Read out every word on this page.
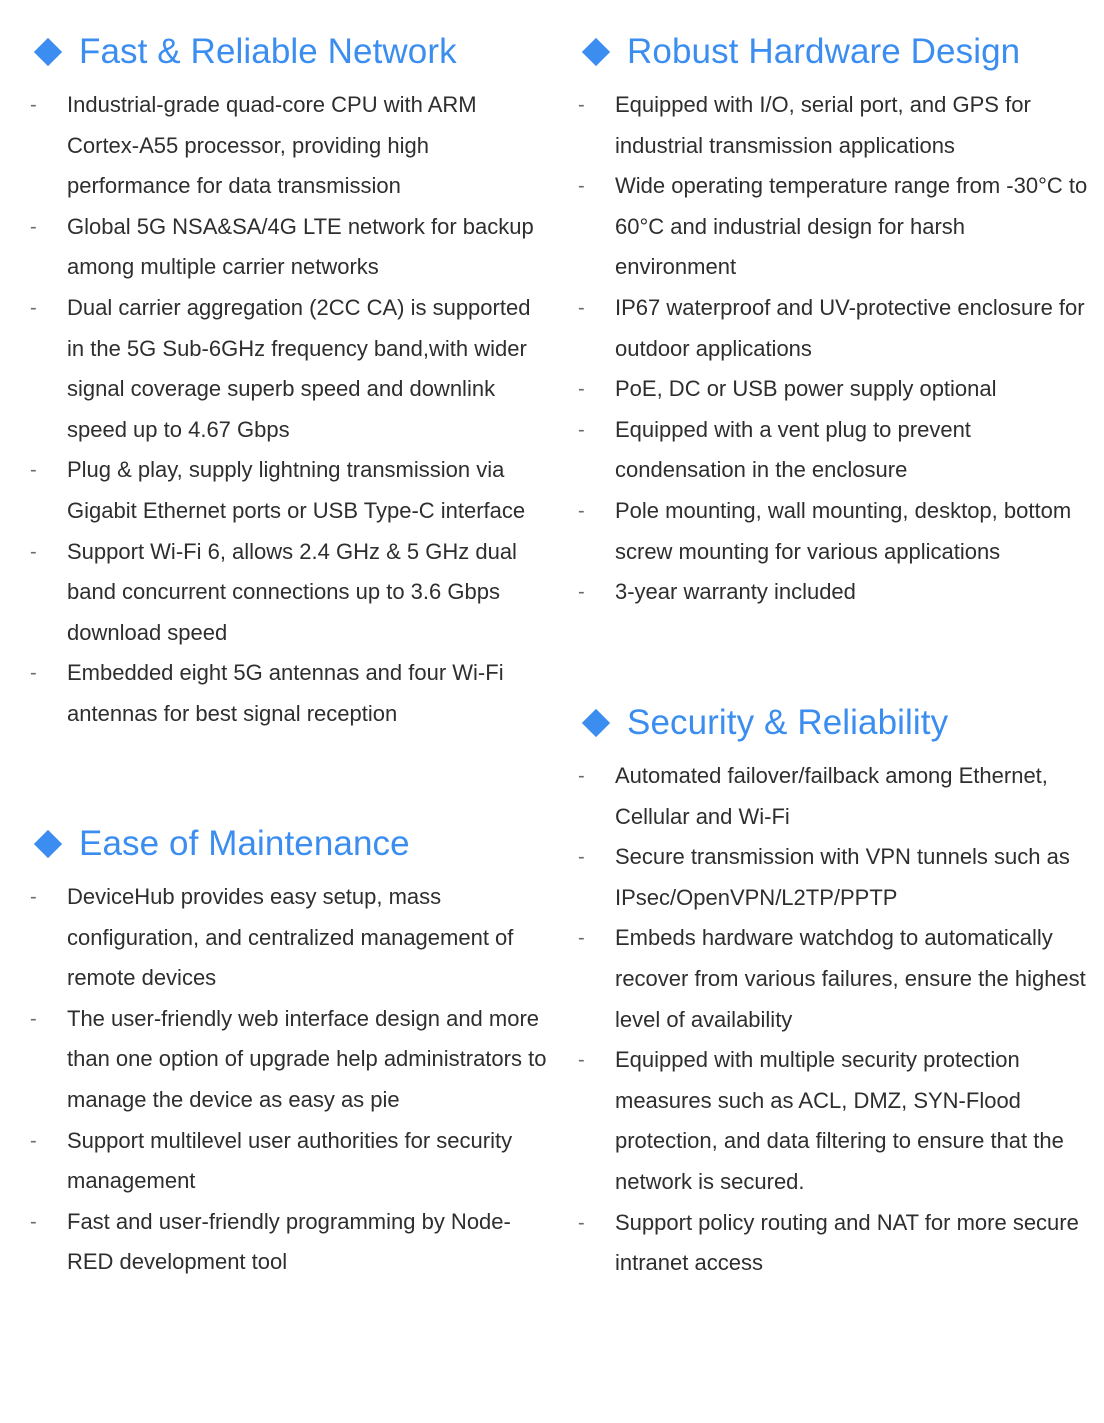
Fast & Reliable Network
- Industrial-grade quad-core CPU with ARM Cortex-A55 processor, providing high performance for data transmission
- Global 5G NSA&SA/4G LTE network for backup among multiple carrier networks
- Dual carrier aggregation (2CC CA) is supported in the 5G Sub-6GHz frequency band,with wider signal coverage superb speed and downlink speed up to 4.67 Gbps
- Plug & play, supply lightning transmission via Gigabit Ethernet ports or USB Type-C interface
- Support Wi-Fi 6, allows 2.4 GHz & 5 GHz dual band concurrent connections up to 3.6 Gbps download speed
- Embedded eight 5G antennas and four Wi-Fi antennas for best signal reception
Ease of Maintenance
- DeviceHub provides easy setup, mass configuration, and centralized management of remote devices
- The user-friendly web interface design and more than one option of upgrade help administrators to manage the device as easy as pie
- Support multilevel user authorities for security management
- Fast and user-friendly programming by Node-RED development tool
Robust Hardware Design
- Equipped with I/O, serial port, and GPS for industrial transmission applications
- Wide operating temperature range from -30°C to 60°C and industrial design for harsh environment
- IP67 waterproof and UV-protective enclosure for outdoor applications
- PoE, DC or USB power supply optional
- Equipped with a vent plug to prevent condensation in the enclosure
- Pole mounting, wall mounting, desktop, bottom screw mounting for various applications
- 3-year warranty included
Security & Reliability
- Automated failover/failback among Ethernet, Cellular and Wi-Fi
- Secure transmission with VPN tunnels such as IPsec/OpenVPN/L2TP/PPTP
- Embeds hardware watchdog to automatically recover from various failures, ensure the highest level of availability
- Equipped with multiple security protection measures such as ACL, DMZ, SYN-Flood protection, and data filtering to ensure that the network is secured.
- Support policy routing and NAT for more secure intranet access
